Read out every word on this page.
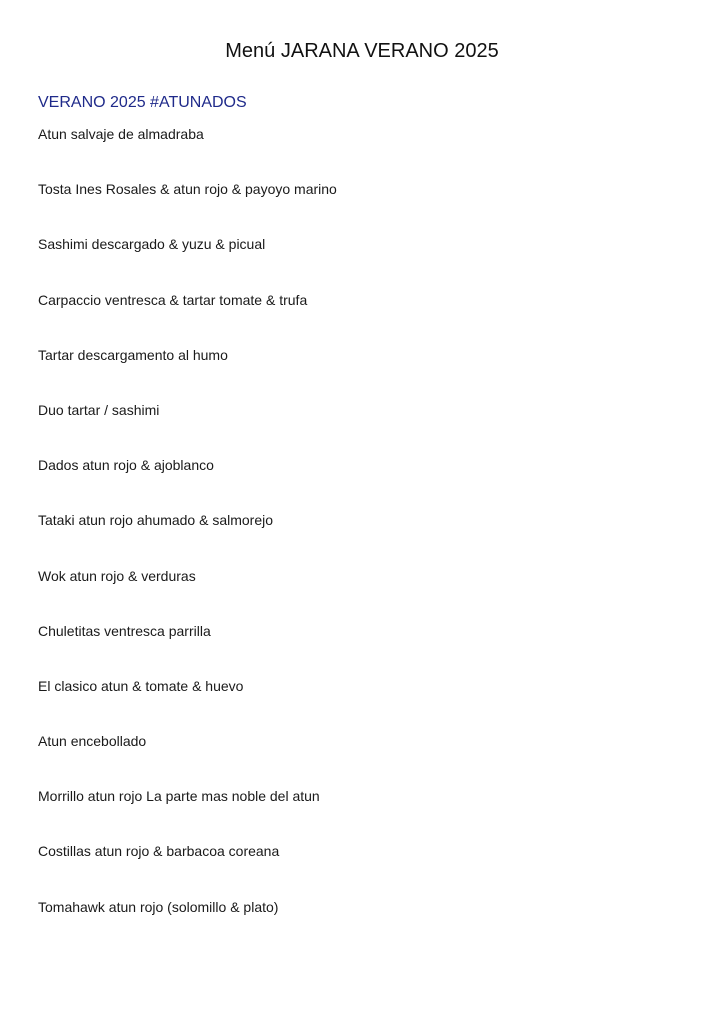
Menú JARANA VERANO 2025
VERANO 2025 #ATUNADOS
Atun salvaje de almadraba
Tosta Ines Rosales & atun rojo & payoyo marino
Sashimi descargado & yuzu & picual
Carpaccio ventresca & tartar tomate & trufa
Tartar descargamento al humo
Duo tartar / sashimi
Dados atun rojo & ajoblanco
Tataki atun rojo ahumado & salmorejo
Wok atun rojo & verduras
Chuletitas ventresca parrilla
El clasico atun & tomate & huevo
Atun encebollado
Morrillo atun rojo La parte mas noble del atun
Costillas atun rojo & barbacoa coreana
Tomahawk atun rojo (solomillo & plato)
